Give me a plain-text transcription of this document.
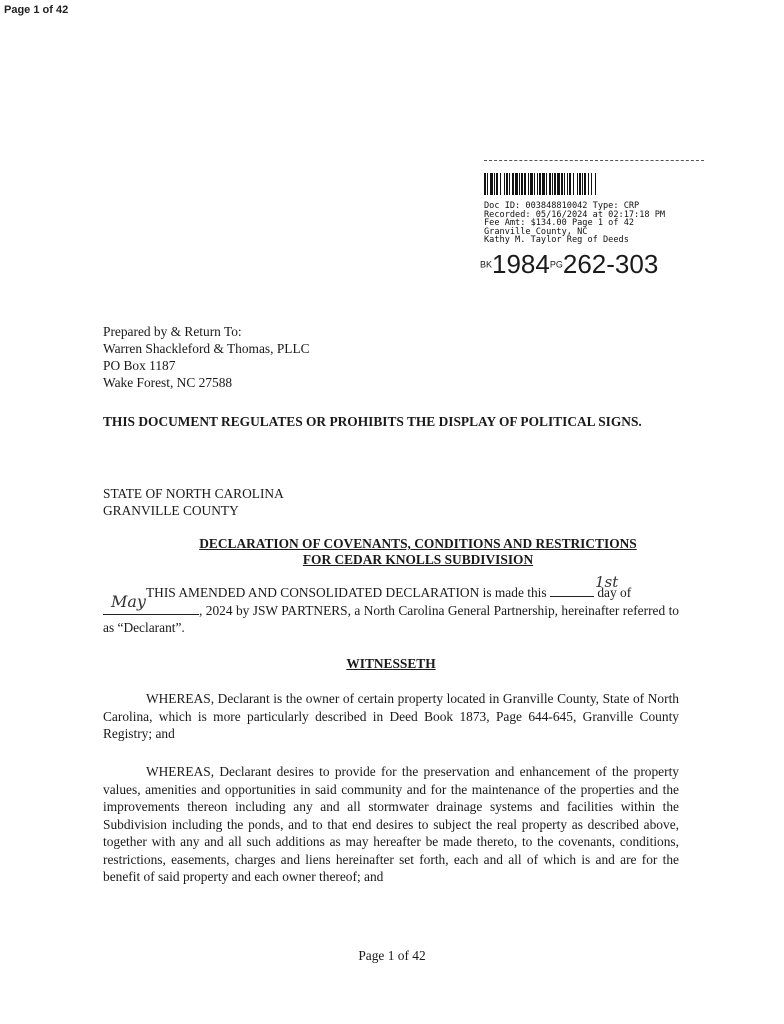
Page 1 of 42
Doc ID: 003848810042 Type: CRP
Recorded: 05/16/2024 at 02:17:18 PM
Fee Amt: $134.00 Page 1 of 42
Granville County, NC
Kathy M. Taylor Reg of Deeds
BK1984PG262-303
Prepared by & Return To:
Warren Shackleford & Thomas, PLLC
PO Box 1187
Wake Forest, NC 27588
THIS DOCUMENT REGULATES OR PROHIBITS THE DISPLAY OF POLITICAL SIGNS.
STATE OF NORTH CAROLINA
GRANVILLE COUNTY
DECLARATION OF COVENANTS, CONDITIONS AND RESTRICTIONS
FOR CEDAR KNOLLS SUBDIVISION

THIS AMENDED AND CONSOLIDATED DECLARATION is made this
1st
day of

May	, 2024 by JSW PARTNERS, a North Carolina General Partnership, hereinafter referred to as “Declarant”.
WITNESSETH

WHEREAS, Declarant is the owner of certain property located in Granville County, State of North Carolina, which is more particularly described in Deed Book 1873, Page 644-645, Granville County Registry; and

WHEREAS, Declarant desires to provide for the preservation and enhancement of the property values, amenities and opportunities in said community and for the maintenance of the properties and the improvements thereon including any and all stormwater drainage systems and facilities within the Subdivision including the ponds, and to that end desires to subject the real property as described above, together with any and all such additions as may hereafter be made thereto, to the covenants, conditions, restrictions, easements, charges and liens hereinafter set forth, each and all of which is and are for the benefit of said property and each owner thereof; and

Page 1 of 42
